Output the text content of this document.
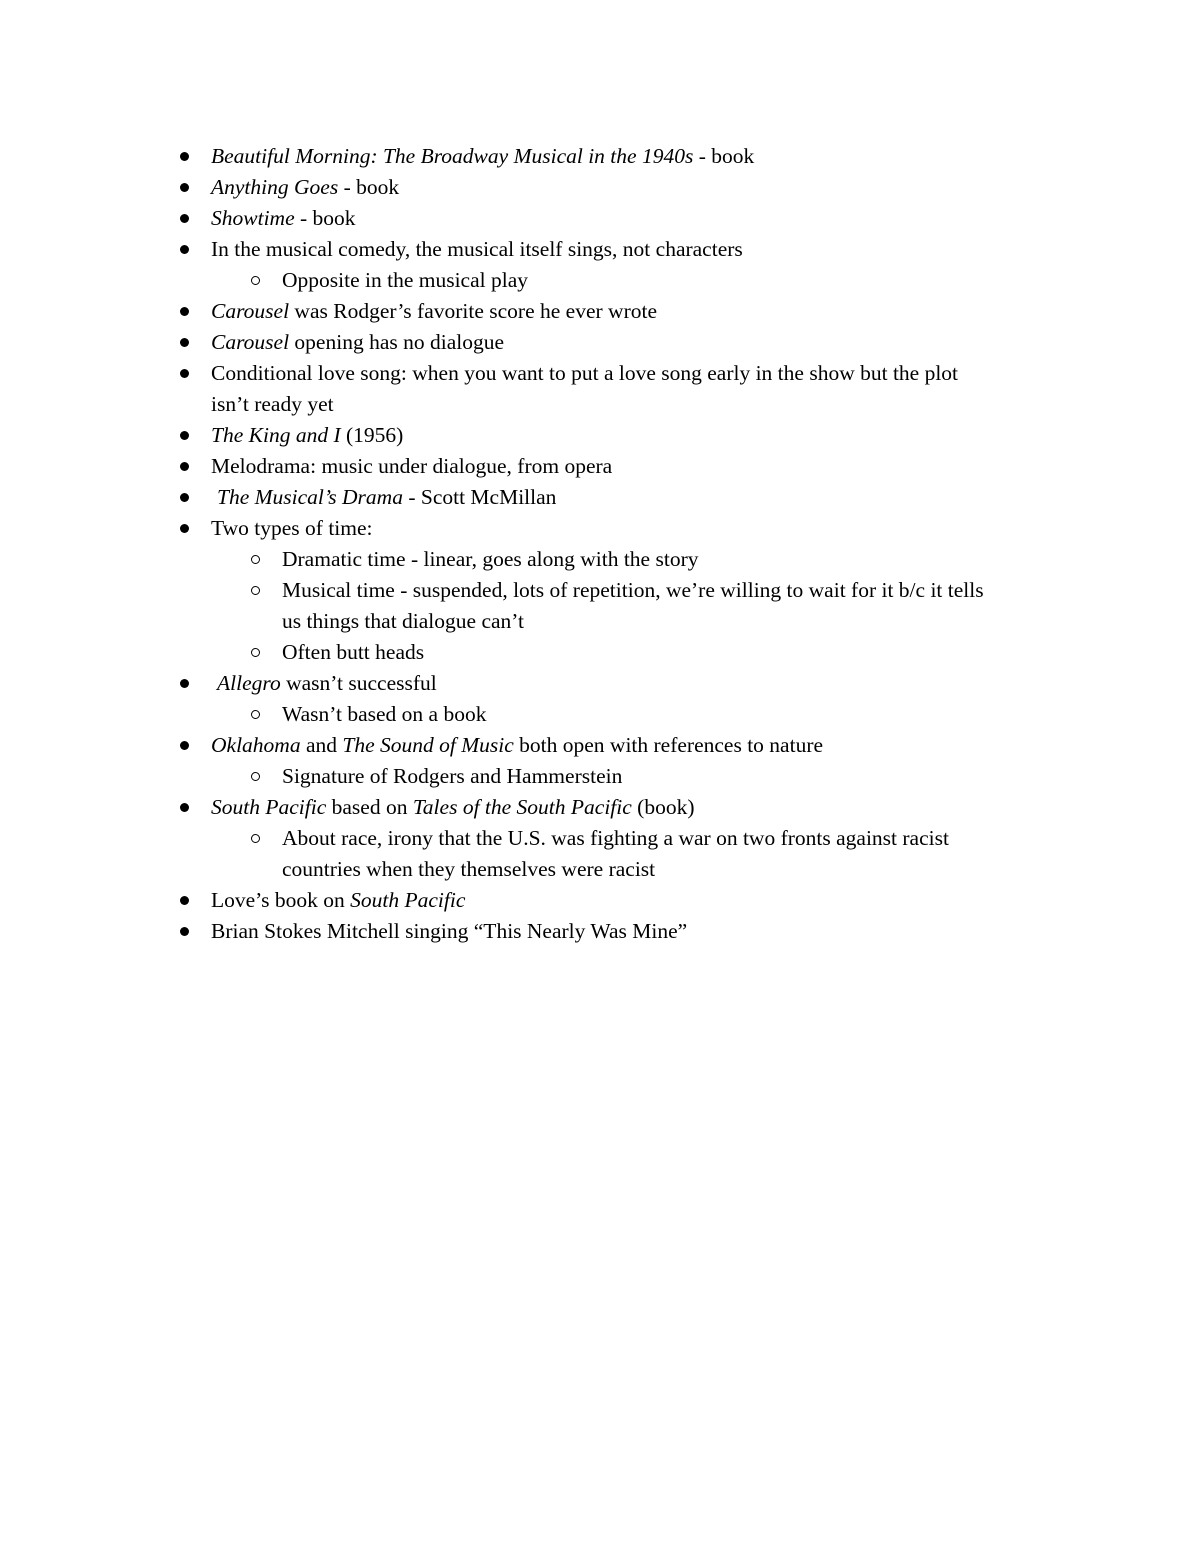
Beautiful Morning: The Broadway Musical in the 1940s - book
Anything Goes - book
Showtime - book
In the musical comedy, the musical itself sings, not characters
Opposite in the musical play
Carousel was Rodger’s favorite score he ever wrote
Carousel opening has no dialogue
Conditional love song: when you want to put a love song early in the show but the plot
isn’t ready yet
The King and I (1956)
Melodrama: music under dialogue, from opera
The Musical’s Drama - Scott McMillan
Two types of time:
Dramatic time - linear, goes along with the story
Musical time - suspended, lots of repetition, we’re willing to wait for it b/c it tells
us things that dialogue can’t
Often butt heads
Allegro wasn’t successful
Wasn’t based on a book
Oklahoma and The Sound of Music both open with references to nature
Signature of Rodgers and Hammerstein
South Pacific based on Tales of the South Pacific (book)
About race, irony that the U.S. was fighting a war on two fronts against racist
countries when they themselves were racist
Love’s book on South Pacific
Brian Stokes Mitchell singing “This Nearly Was Mine”
